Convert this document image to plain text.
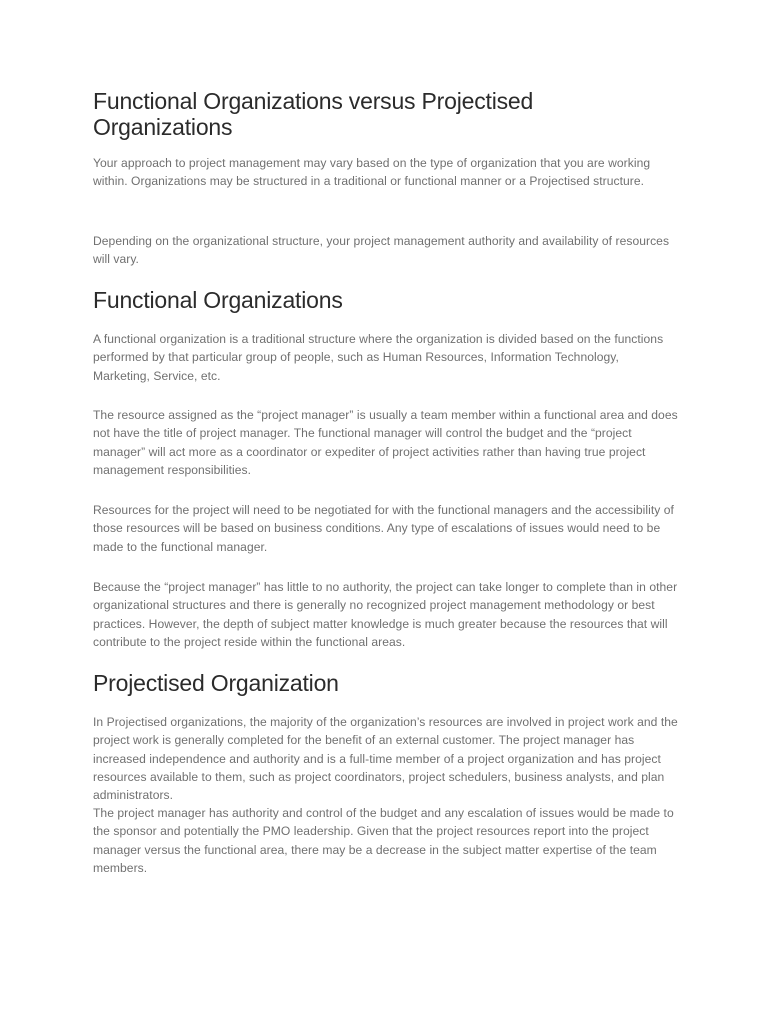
Functional Organizations versus Projectised Organizations

Your approach to project management may vary based on the type of organization that you are working within. Organizations may be structured in a traditional or functional manner or a Projectised structure.

Depending on the organizational structure, your project management authority and availability of resources will vary.

Functional Organizations

A functional organization is a traditional structure where the organization is divided based on the functions performed by that particular group of people, such as Human Resources, Information Technology, Marketing, Service, etc.

The resource assigned as the “project manager” is usually a team member within a functional area and does not have the title of project manager. The functional manager will control the budget and the “project manager” will act more as a coordinator or expediter of project activities rather than having true project management responsibilities.

Resources for the project will need to be negotiated for with the functional managers and the accessibility of those resources will be based on business conditions. Any type of escalations of issues would need to be made to the functional manager.

Because the “project manager” has little to no authority, the project can take longer to complete than in other organizational structures and there is generally no recognized project management methodology or best practices. However, the depth of subject matter knowledge is much greater because the resources that will contribute to the project reside within the functional areas.

Projectised Organization

In Projectised organizations, the majority of the organization’s resources are involved in project work and the project work is generally completed for the benefit of an external customer. The project manager has increased independence and authority and is a full-time member of a project organization and has project resources available to them, such as project coordinators, project schedulers, business analysts, and plan administrators.

The project manager has authority and control of the budget and any escalation of issues would be made to the sponsor and potentially the PMO leadership. Given that the project resources report into the project manager versus the functional area, there may be a decrease in the subject matter expertise of the team members.
